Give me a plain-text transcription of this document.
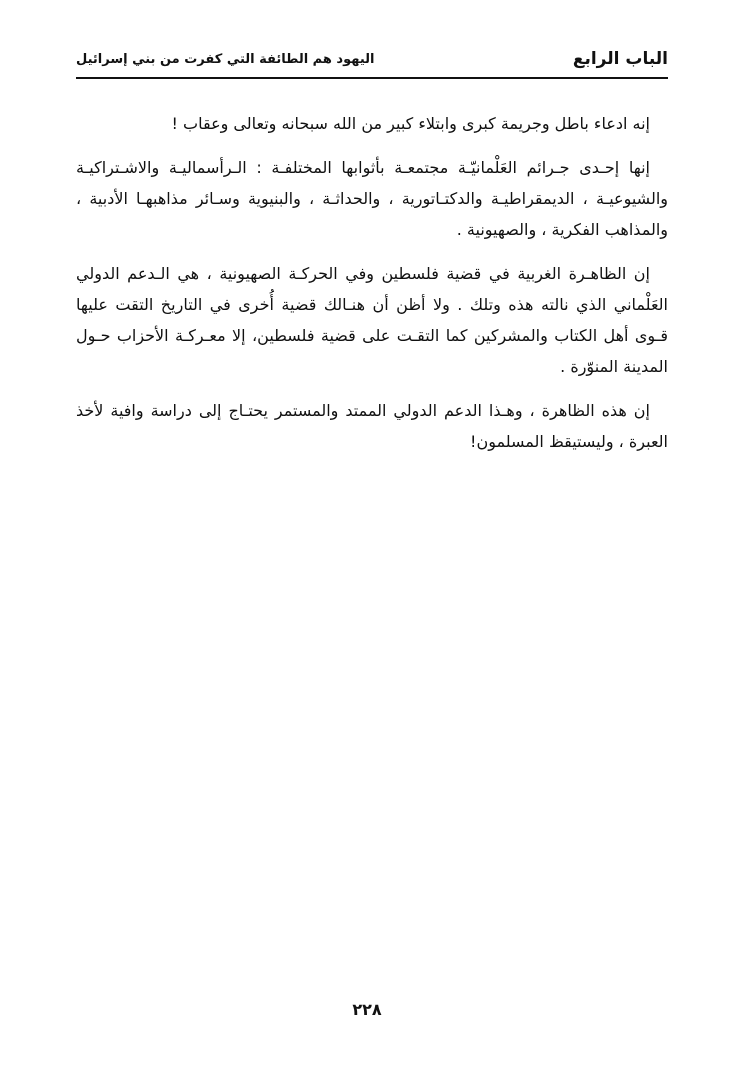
الباب الرابع
اليهود هم الطائفة التي كفرت من بني إسرائيل

إنه ادعاء باطل وجريمة كبرى وابتلاء كبير من الله سبحانه وتعالى وعقاب !

إنها إحـدى جـرائم العَلْمانيّـة مجتمعـة بأثوابها المختلفـة : الـرأسماليـة والاشـتراكيـة والشيوعيـة ، الديمقراطيـة والدكتـاتورية ، والحداثـة ، والبنيوية وسـائر مذاهبهـا الأدبية ، والمذاهب الفكرية ، والصهيونية .

إن الظاهـرة الغربية في قضية فلسطين وفي الحركـة الصهيونية ، هي الـدعم الدولي العَلْماني الذي نالته هذه وتلك . ولا أظن أن هنـالك قضية أُخرى في التاريخ التقت عليها قـوى أهل الكتاب والمشركين كما التقـت على قضية فلسطين، إلا معـركـة الأحزاب حـول المدينة المنوّرة .

إن هذه الظاهرة ، وهـذا الدعم الدولي الممتد والمستمر يحتـاج إلى دراسة وافية لأخذ العبرة ، وليستيقظ المسلمون!

٢٢٨
